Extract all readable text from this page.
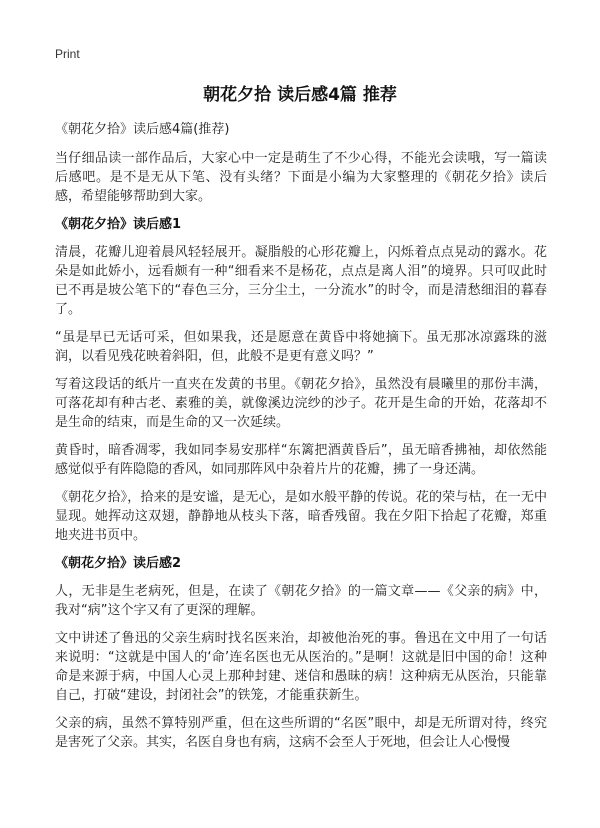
Print
朝花夕拾 读后感4篇 推荐

《朝花夕拾》读后感4篇(推荐)

当仔细品读一部作品后，大家心中一定是萌生了不少心得，不能光会读哦，写一篇读后感吧。是不是无从下笔、没有头绪？下面是小编为大家整理的《朝花夕拾》读后感，希望能够帮助到大家。

《朝花夕拾》读后感1

清晨，花瓣儿迎着晨风轻轻展开。凝脂般的心形花瓣上，闪烁着点点晃动的露水。花朵是如此娇小，远看颇有一种“细看来不是杨花，点点是离人泪”的境界。只可叹此时已不再是坡公笔下的“春色三分，三分尘土，一分流水”的时令，而是清愁细泪的暮春了。

“虽是早已无话可采，但如果我，还是愿意在黄昏中将她摘下。虽无那冰凉露珠的滋润，以看见残花映着斜阳，但，此般不是更有意义吗？”

写着这段话的纸片一直夹在发黄的书里。《朝花夕拾》，虽然没有晨曦里的那份丰满，可落花却有种古老、素雅的美，就像溪边浣纱的沙子。花开是生命的开始，花落却不是生命的结束，而是生命的又一次延续。

黄昏时，暗香凋零，我如同李易安那样“东篱把酒黄昏后”，虽无暗香拂袖，却依然能感觉似乎有阵隐隐的香风，如同那阵风中杂着片片的花瓣，拂了一身还满。

《朝花夕拾》，拾来的是安谧，是无心，是如水般平静的传说。花的荣与枯，在一无中显现。她挥动这双翅，静静地从枝头下落，暗香残留。我在夕阳下拾起了花瓣，郑重地夹进书页中。

《朝花夕拾》读后感2

人，无非是生老病死，但是，在读了《朝花夕拾》的一篇文章——《父亲的病》中，我对“病”这个字又有了更深的理解。

文中讲述了鲁迅的父亲生病时找名医来治，却被他治死的事。鲁迅在文中用了一句话来说明：“这就是中国人的‘命’连名医也无从医治的。”是啊！这就是旧中国的命！这种命是来源于病，中国人心灵上那种封建、迷信和愚昧的病！这种病无从医治，只能靠自己，打破“建设，封闭社会”的铁笼，才能重获新生。

父亲的病，虽然不算特别严重，但在这些所谓的“名医”眼中，却是无所谓对待，终究是害死了父亲。其实，名医自身也有病，这病不会至人于死地，但会让人心慢慢
